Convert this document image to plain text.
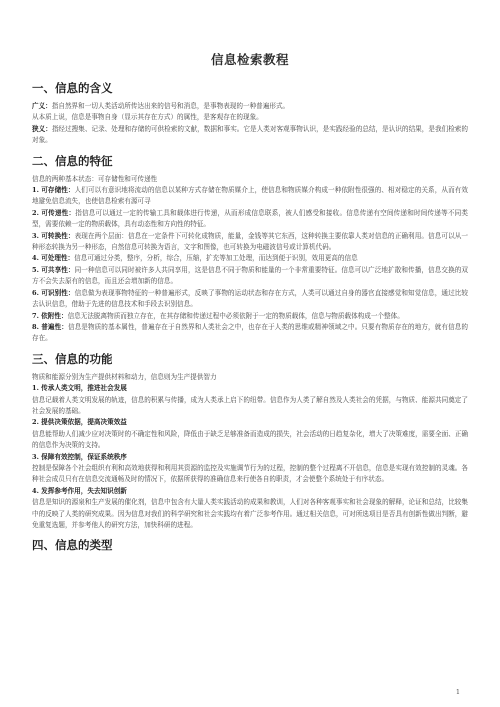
信息检索教程
一、信息的含义
广义：指自然界和一切人类活动所传达出来的信号和消息，是事物表现的一种普遍形式。
从本质上说，信息是事物自身（显示其存在方式）的属性，是客观存在的现象。
狭义：指经过搜集、记录、处理和存储的可供检索的文献，数据和事实。它是人类对客观事物认识，是实践经验的总结，是认识的结果，是我们检索的对象。
二、信息的特征
信息的两种基本状态：可存储性和可传递性
1. 可存储性：人们可以有意识地将流动的信息以某种方式存储在物质媒介上，使信息和物质媒介构成一种依附性很强的、相对稳定的关系，从而有效地避免信息流失，也使信息检索有源可寻
2. 可传递性：指信息可以通过一定的传输工具和载体进行传递，从而形成信息联系，被人们感受和接收。信息传递有空间传递和时间传递等不同类型，需要依赖一定的物质载体，具有动态性和方向性的特征。
3. 可转换性：表现在两个层面：信息在一定条件下可转化成物质，能量，金钱等其它东西，这种转换主要依靠人类对信息的正确利用。信息可以从一种形态转换为另一种形态，自然信息可转换为语言，文字和图像，也可转换为电磁波信号或计算机代码。
4. 可处理性：信息可通过分类，整序，分析，综合，压缩，扩充等加工处理，而达到便于识别，效用更高的信息
5. 可共享性：同一种信息可以同时被许多人共同享用，这是信息不同于物质和能量的一个非常重要特征。信息可以广泛地扩散和传播，信息交换的双方不会失去原有的信息，而且还会增加新的信息。
6. 可识别性：信息做为表现事物特征的一种普遍形式，反映了事物的运动状态和存在方式，人类可以通过自身的器官直接感觉和知觉信息，通过比较去认识信息，借助于先进的信息技术和手段去识别信息。
7. 依附性：信息无法脱离物质而独立存在，在其存储和传递过程中必须依附于一定的物质载体，信息与物质载体构成一个整体。
8. 普遍性：信息是物质的基本属性，普遍存在于自然界和人类社会之中，也存在于人类的思维或精神领域之中。只要有物质存在的地方，就有信息的存在。
三、信息的功能
物质和能源分别为生产提供材料和动力，信息则为生产提供智力
1. 传承人类文明，推进社会发展
信息记载着人类文明发展的轨迹，信息的积累与传播，成为人类承上启下的纽带。信息作为人类了解自然及人类社会的凭据，与物质、能源共同奠定了社会发展的基础。
2. 提供决策依据，提高决策效益
信息能帮助人们减少应对决策时的不确定性和风险，降低由于缺乏足够准备而造成的损失，社会活动的日趋复杂化，增大了决策难度，需要全面、正确的信息作为决策的支持。
3. 保障有效控制，保证系统秩序
控制是保障各个社会组织有利和高效地获得和利用其资源的监控及实施调节行为的过程，控制的整个过程离不开信息，信息是实现有效控制的灵魂。各种社会成员只有在信息交流通畅及时的情况下，依据所获得的准确信息来行使各自的职责，才会使整个系统处于有序状态。
4. 发挥参考作用，失去知识创新
信息是知识的源泉和生产发展的催化剂，信息中包含有大量人类实践活动的成果和教训，人们对各种客观事实和社会现象的解释，论证和总结，比较集中的反映了人类的研究成果。因为信息对我们的科学研究和社会实践均有着广泛参考作用。通过相关信息，可对所选项目是否具有创新性做出判断，避免重复选题，并参考他人的研究方法，加快科研的进程。
四、信息的类型
1
